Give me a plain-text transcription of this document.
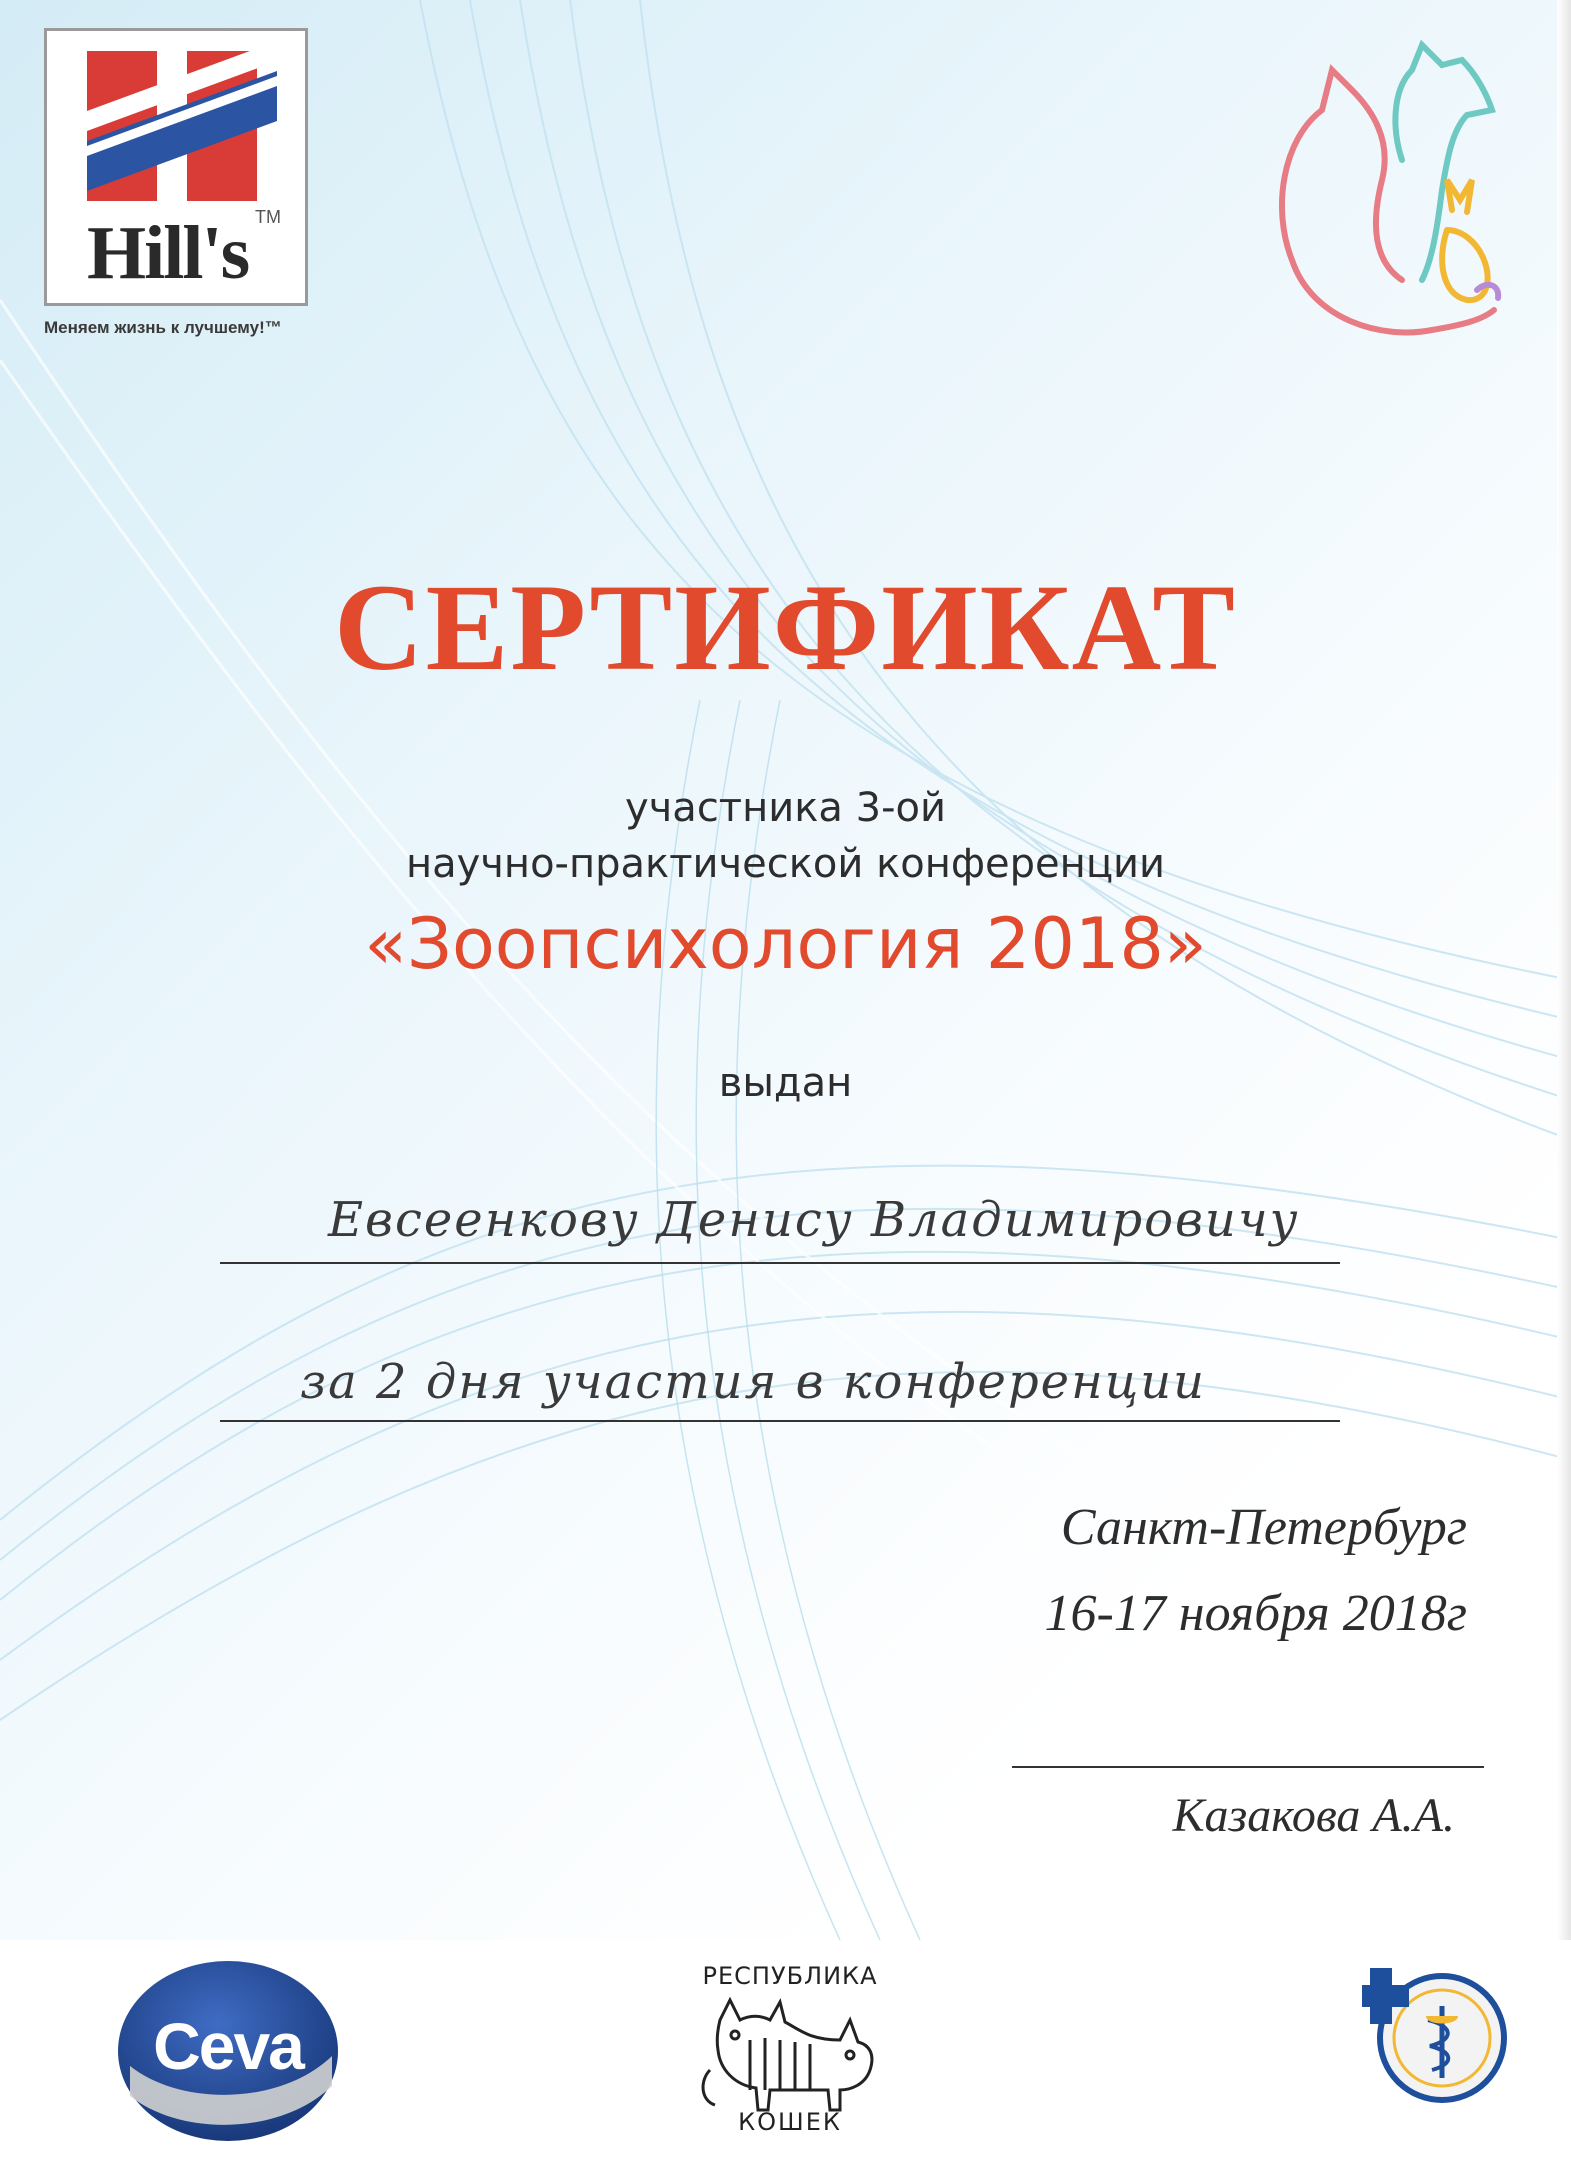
Hill's TM
Меняем жизнь к лучшему!™
СЕРТИФИКАТ
участника 3-ой
научно-практической конференции
«Зоопсихология 2018»
выдан
Евсеенкову Денису Владимировичу
за 2 дня участия в конференции
Санкт-Петербург
16-17 ноября 2018г
Казакова А.А.
Ceva
РЕСПУБЛИКА
КОШЕК
